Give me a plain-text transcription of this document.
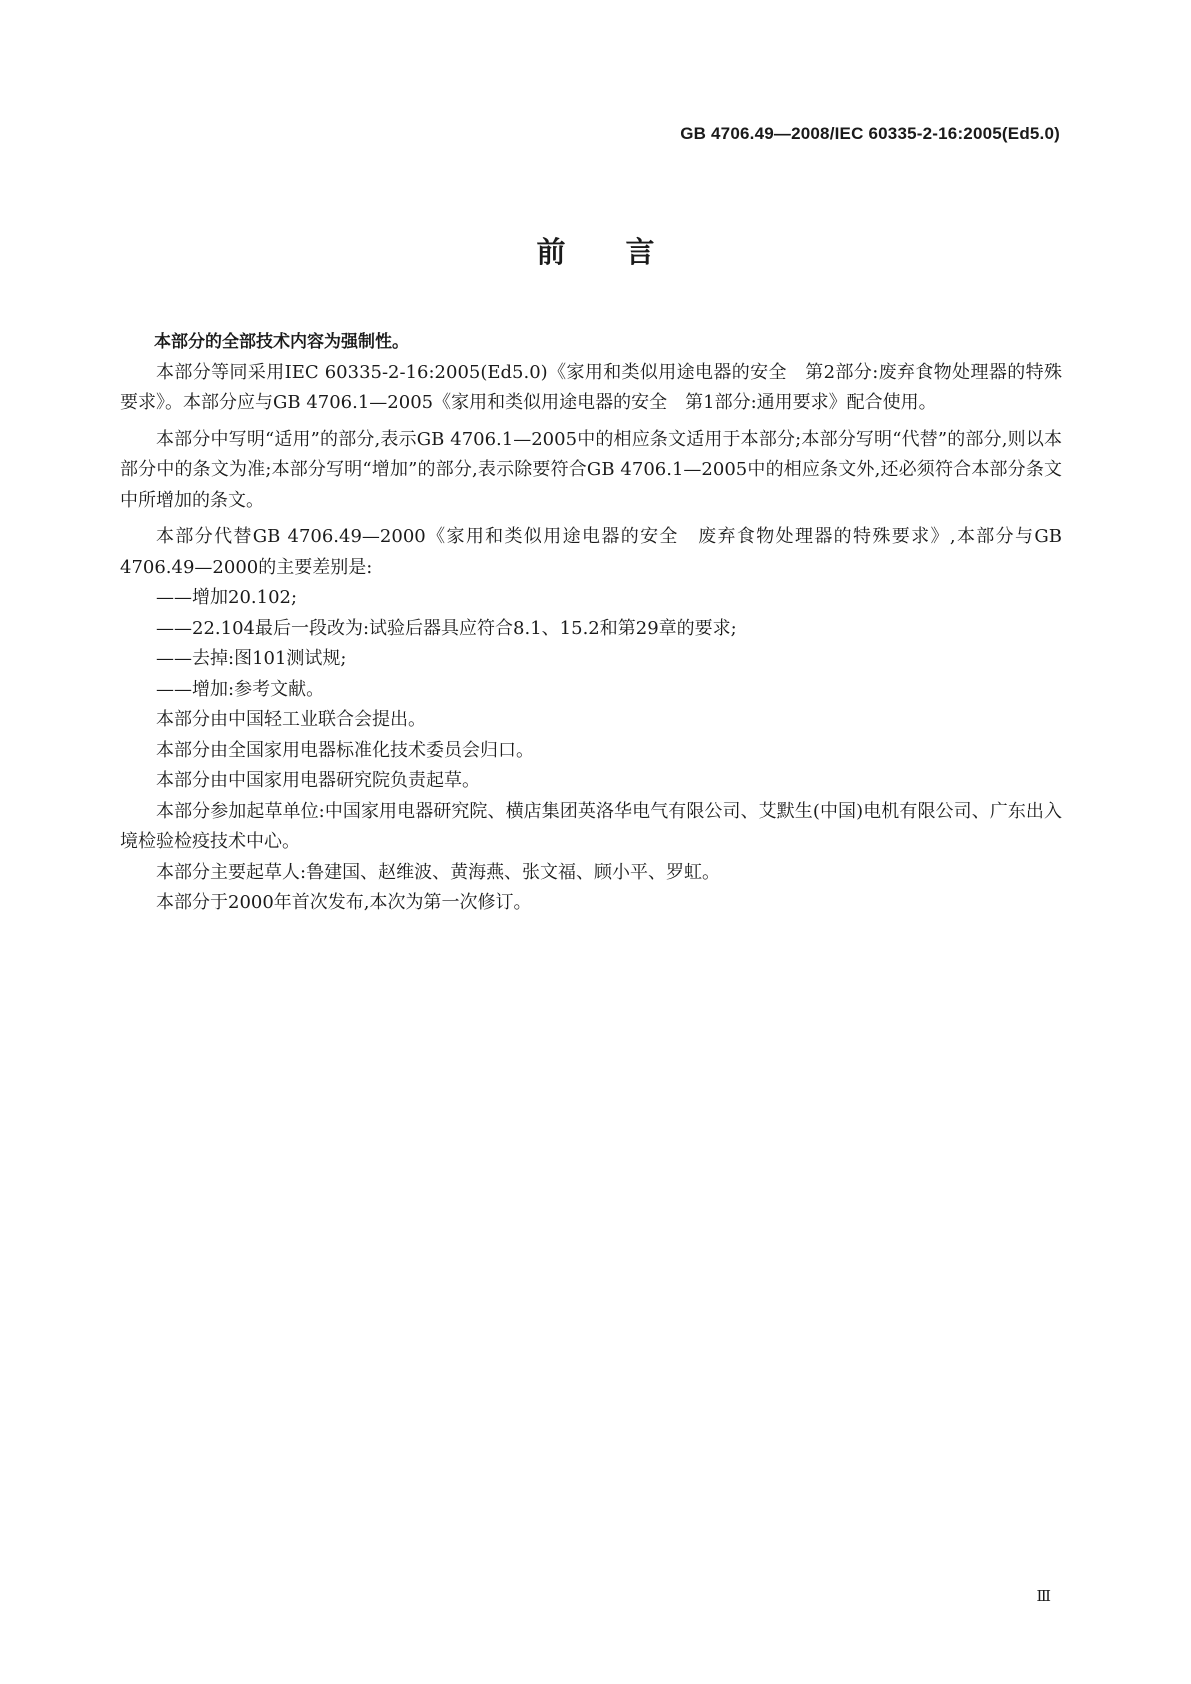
GB 4706.49—2008/IEC 60335-2-16:2005(Ed5.0)
前言

本部分的全部技术内容为强制性。

本部分等同采用IEC 60335-2-16:2005(Ed5.0)《家用和类似用途电器的安全　第2部分:废弃食物处理器的特殊要求》。本部分应与GB 4706.1—2005《家用和类似用途电器的安全　第1部分:通用要求》配合使用。

本部分中写明“适用”的部分,表示GB 4706.1—2005中的相应条文适用于本部分;本部分写明“代替”的部分,则以本部分中的条文为准;本部分写明“增加”的部分,表示除要符合GB 4706.1—2005中的相应条文外,还必须符合本部分条文中所增加的条文。

本部分代替GB 4706.49—2000《家用和类似用途电器的安全　废弃食物处理器的特殊要求》,本部分与GB 4706.49—2000的主要差别是:

——增加20.102;

——22.104最后一段改为:试验后器具应符合8.1、15.2和第29章的要求;

——去掉:图101测试规;

——增加:参考文献。

本部分由中国轻工业联合会提出。

本部分由全国家用电器标准化技术委员会归口。

本部分由中国家用电器研究院负责起草。

本部分参加起草单位:中国家用电器研究院、横店集团英洛华电气有限公司、艾默生(中国)电机有限公司、广东出入境检验检疫技术中心。

本部分主要起草人:鲁建国、赵维波、黄海燕、张文福、顾小平、罗虹。

本部分于2000年首次发布,本次为第一次修订。

Ⅲ
